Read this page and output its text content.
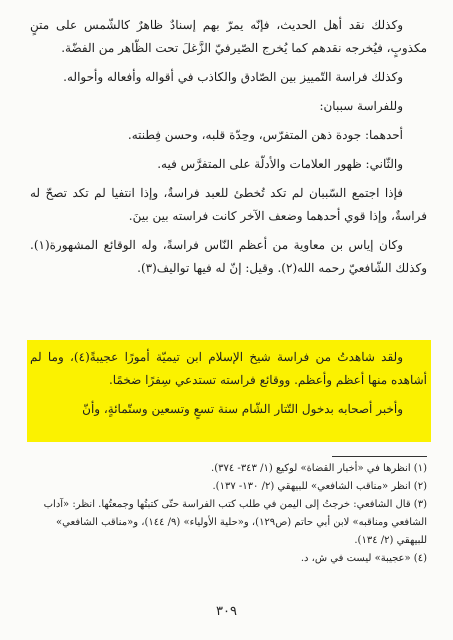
وكذلك نقد أهل الحديث، فإنّه يمرّ بهم إسنادٌ ظاهرٌ كالشّمس على متنٍ مكذوبٍ، فيُخرجه نقدهم كما يُخرج الصّيرفيّ الزَّغلَ تحت الظّاهر من الفضّة.

وكذلك فراسة التّمييز بين الصّادق والكاذب في أقواله وأفعاله وأحواله.

وللفراسة سببان:

أحدهما: جودة ذهن المتفرّس، وحِدّة قلبه، وحسن فِطنته.

والثّاني: ظهور العلامات والأدلّة على المتفرَّس فيه.

فإذا اجتمع السّببان لم تكد تُخطئ للعبد فراسةٌ، وإذا انتفيا لم تكد تصحّ له فراسةٌ، وإذا قوي أحدهما وضعف الآخر كانت فراسته بين بينَ.

وكان إياس بن معاوية من أعظم النّاس فراسةً، وله الوقائع المشهورة(١). وكذلك الشّافعيّ رحمه الله(٢). وقيل: إنّ له فيها تواليف(٣).

ولقد شاهدتُ من فراسة شيخ الإسلام ابن تيميّة أمورًا عجيبةً(٤)، وما لم أشاهده منها أعظم وأعظم. ووقائع فراسته تستدعي سِفرًا ضخمًا.

وأخبر أصحابه بدخول التّتار الشّام سنة تسعٍ وتسعين وستّمائةٍ، وأنّ

(١) انظرها في «أخبار القضاة» لوكيع (١/ ٣٤٣- ٣٧٤).

(٢) انظر «مناقب الشافعي» للبيهقي (٢/ ١٣٠- ١٣٧).

(٣) قال الشافعي: خرجتُ إلى اليمن في طلب كتب الفراسة حتّى كتبتُها وجمعتُها. انظر: «آداب الشافعي ومناقبه» لابن أبي حاتم (ص١٢٩)، و«حلية الأولياء» (٩/ ١٤٤)، و«مناقب الشافعي» للبيهقي (٢/ ١٣٤).

(٤) «عجيبة» ليست في ش، د.

٣٠٩
